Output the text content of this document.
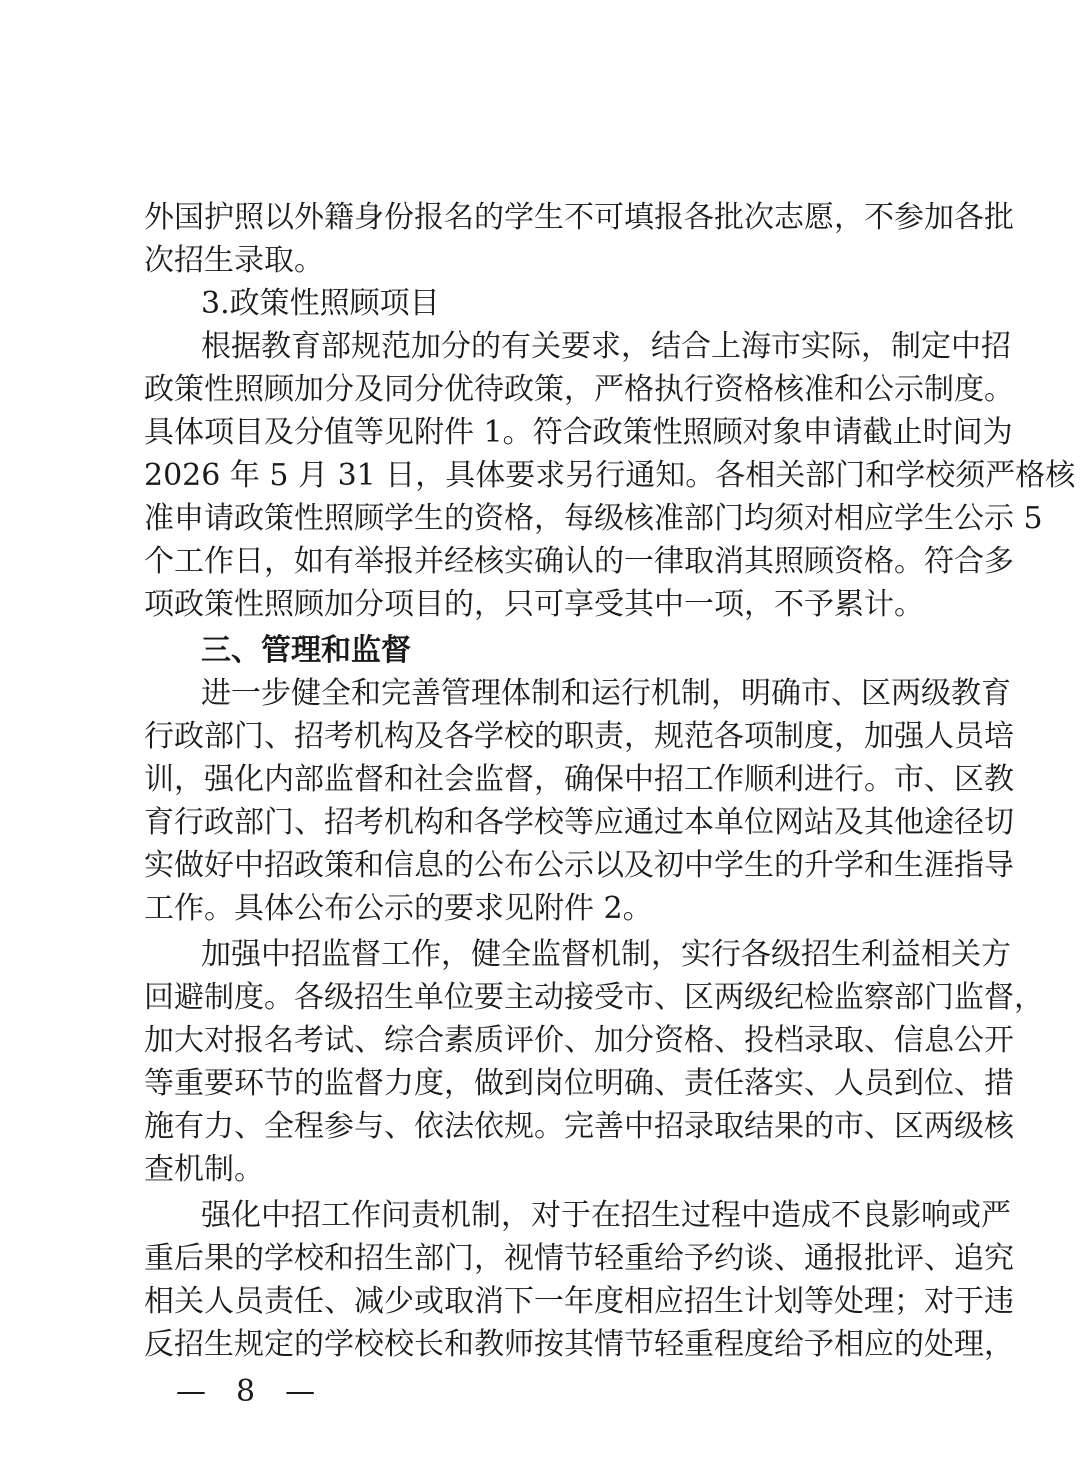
外国护照以外籍身份报名的学生不可填报各批次志愿，不参加各批
次招生录取。
3.政策性照顾项目
根据教育部规范加分的有关要求，结合上海市实际，制定中招
政策性照顾加分及同分优待政策，严格执行资格核准和公示制度。
具体项目及分值等见附件 1。符合政策性照顾对象申请截止时间为
2026 年 5 月 31 日，具体要求另行通知。各相关部门和学校须严格核
准申请政策性照顾学生的资格，每级核准部门均须对相应学生公示 5
个工作日，如有举报并经核实确认的一律取消其照顾资格。符合多
项政策性照顾加分项目的，只可享受其中一项，不予累计。
三、管理和监督
进一步健全和完善管理体制和运行机制，明确市、区两级教育
行政部门、招考机构及各学校的职责，规范各项制度，加强人员培
训，强化内部监督和社会监督，确保中招工作顺利进行。市、区教
育行政部门、招考机构和各学校等应通过本单位网站及其他途径切
实做好中招政策和信息的公布公示以及初中学生的升学和生涯指导
工作。具体公布公示的要求见附件 2。
加强中招监督工作，健全监督机制，实行各级招生利益相关方
回避制度。各级招生单位要主动接受市、区两级纪检监察部门监督，
加大对报名考试、综合素质评价、加分资格、投档录取、信息公开
等重要环节的监督力度，做到岗位明确、责任落实、人员到位、措
施有力、全程参与、依法依规。完善中招录取结果的市、区两级核
查机制。
强化中招工作问责机制，对于在招生过程中造成不良影响或严
重后果的学校和招生部门，视情节轻重给予约谈、通报批评、追究
相关人员责任、减少或取消下一年度相应招生计划等处理；对于违
反招生规定的学校校长和教师按其情节轻重程度给予相应的处理，
—　8　—
